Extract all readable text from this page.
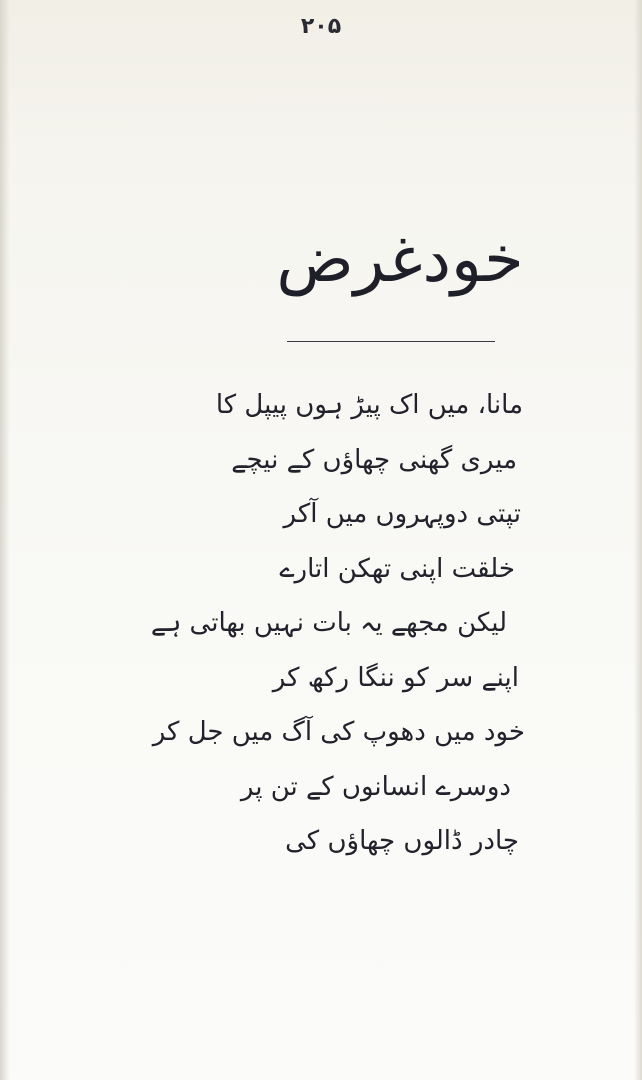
۲۰۵
خودغرض
مانا، میں اک پیڑ ہوں پیپل کا
میری گھنی چھاؤں کے نیچے
تپتی دوپہروں میں آکر
خلقت اپنی تھکن اتارے
لیکن مجھے یہ بات نہیں بھاتی ہے
اپنے سر کو ننگا رکھ کر
خود میں دھوپ کی آگ میں جل کر
دوسرے انسانوں کے تن پر
چادر ڈالوں چھاؤں کی
